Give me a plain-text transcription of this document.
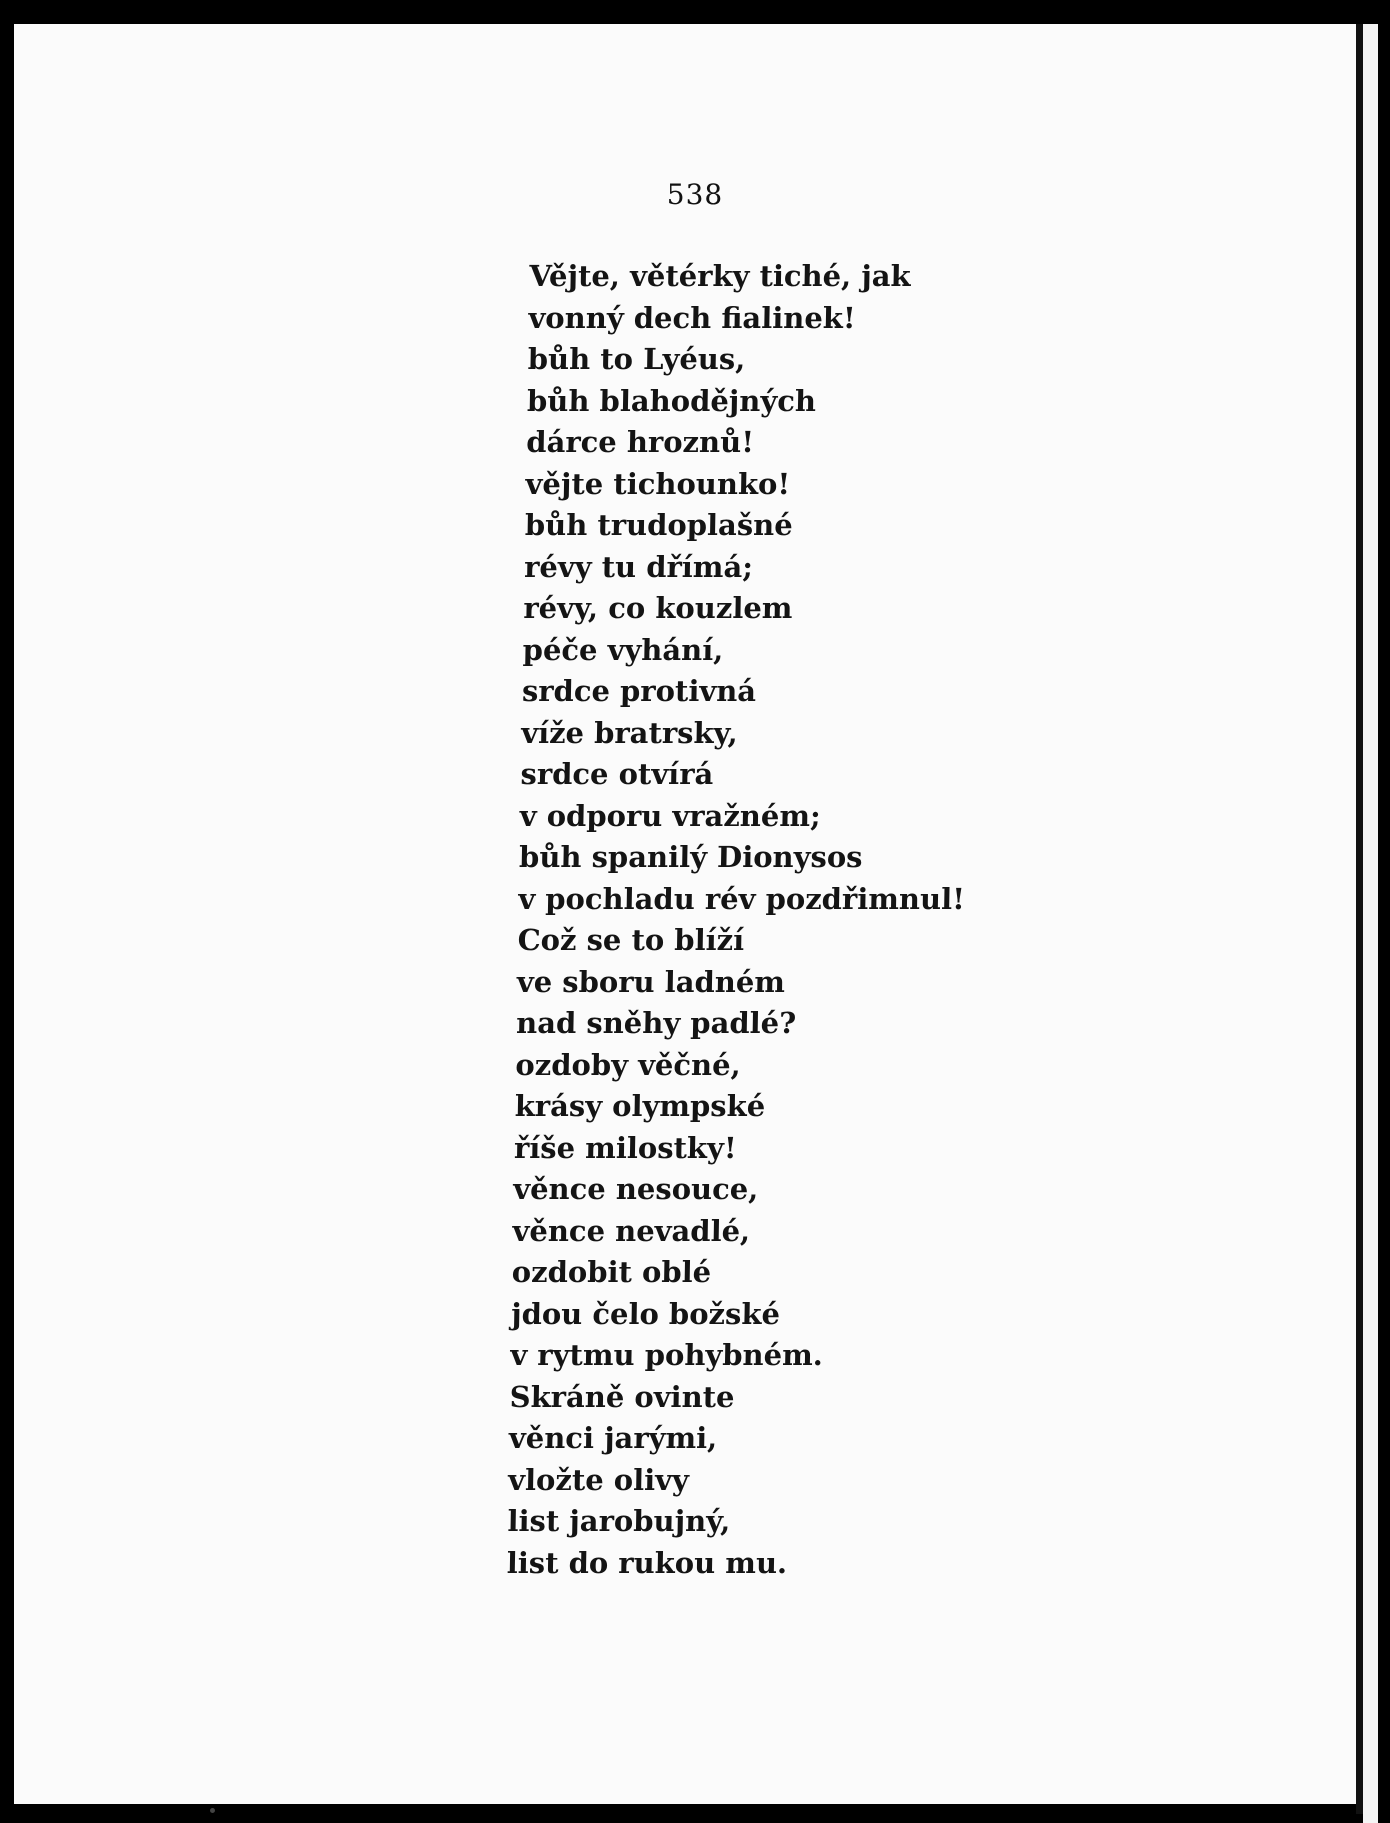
538
Vějte, větérky tiché, jak
vonný dech fialinek!
bůh to Lyéus,
bůh blahodějných
dárce hroznů!
vějte tichounko!
bůh trudoplašné
révy tu dřímá;
révy, co kouzlem
péče vyhání,
srdce protivná
víže bratrsky,
srdce otvírá
v odporu vražném;
bůh spanilý Dionysos
v pochladu rév pozdřimnul!
Což se to blíží
ve sboru ladném
nad sněhy padlé?
ozdoby věčné,
krásy olympské
říše milostky!
věnce nesouce,
věnce nevadlé,
ozdobit oblé
jdou čelo božské
v rytmu pohybném.
Skráně ovinte
věnci jarými,
vložte olivy
list jarobujný,
list do rukou mu.
